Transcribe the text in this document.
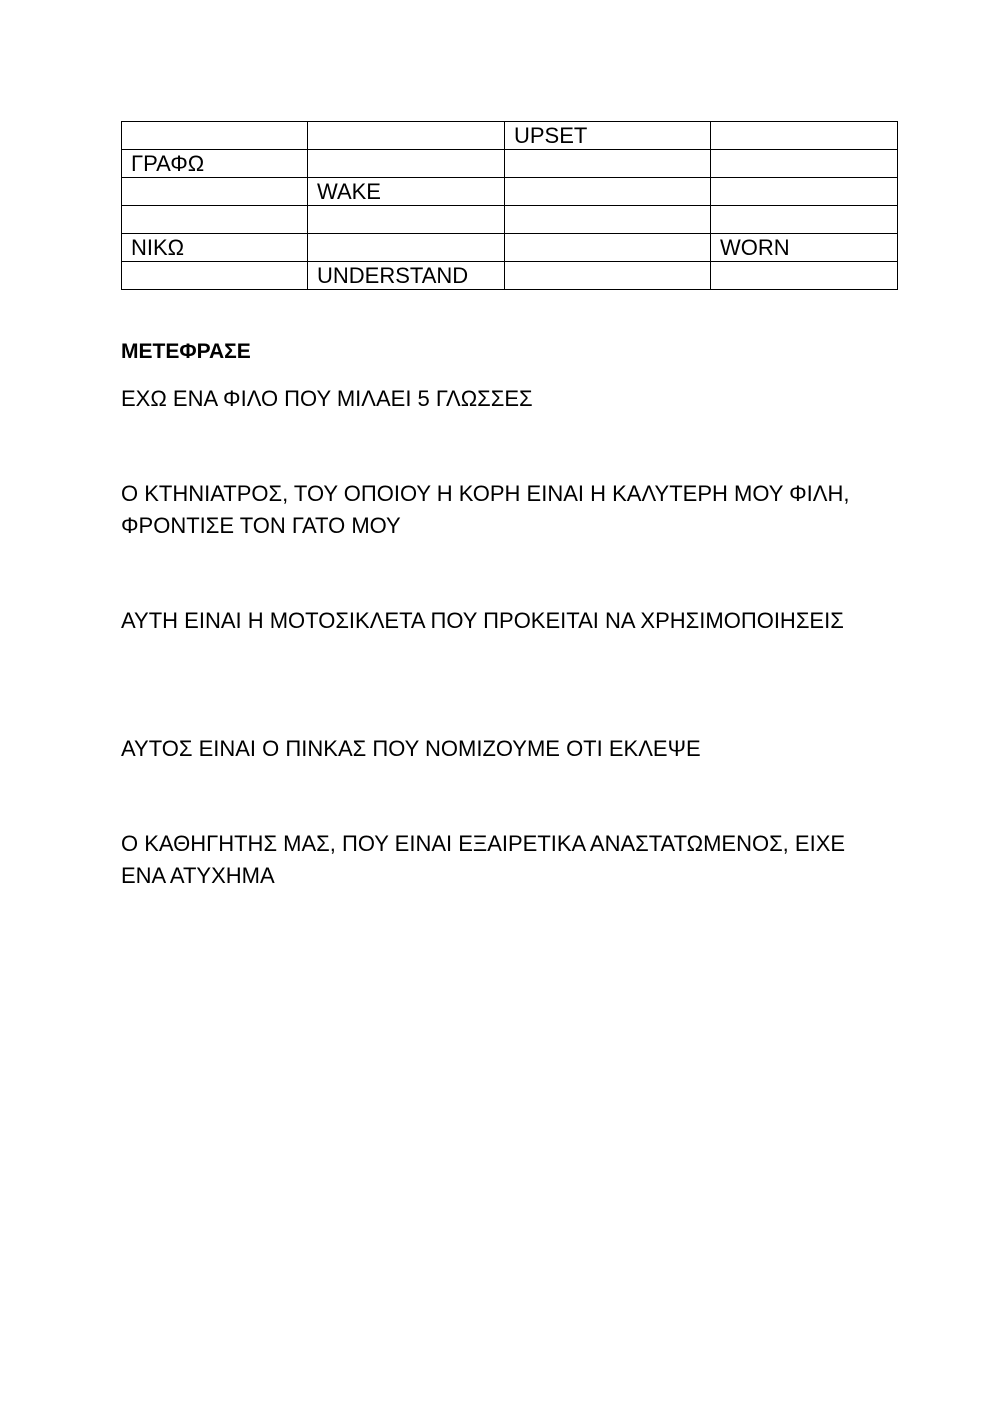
		UPSET	
ΓΡΑΦΩ			
	WAKE		

ΝΙΚΩ			WORN
	UNDERSTAND		
ΜΕΤΕΦΡΑΣΕ

ΕΧΩ ΕΝΑ ΦΙΛΟ ΠΟΥ ΜΙΛΑΕΙ 5 ΓΛΩΣΣΕΣ

Ο ΚΤΗΝΙΑΤΡΟΣ, ΤΟΥ ΟΠΟΙΟΥ Η ΚΟΡΗ ΕΙΝΑΙ Η ΚΑΛΥΤΕΡΗ ΜΟΥ ΦΙΛΗ, ΦΡΟΝΤΙΣΕ ΤΟΝ ΓΑΤΟ ΜΟΥ

ΑΥΤΗ ΕΙΝΑΙ Η ΜΟΤΟΣΙΚΛΕΤΑ ΠΟΥ ΠΡΟΚΕΙΤΑΙ ΝΑ ΧΡΗΣΙΜΟΠΟΙΗΣΕΙΣ

ΑΥΤΟΣ ΕΙΝΑΙ Ο ΠΙΝΚΑΣ ΠΟΥ ΝΟΜΙΖΟΥΜΕ ΟΤΙ ΕΚΛΕΨΕ

Ο ΚΑΘΗΓΗΤΗΣ ΜΑΣ, ΠΟΥ ΕΙΝΑΙ ΕΞΑΙΡΕΤΙΚΑ ΑΝΑΣΤΑΤΩΜΕΝΟΣ, ΕΙΧΕ ΕΝΑ ΑΤΥΧΗΜΑ
